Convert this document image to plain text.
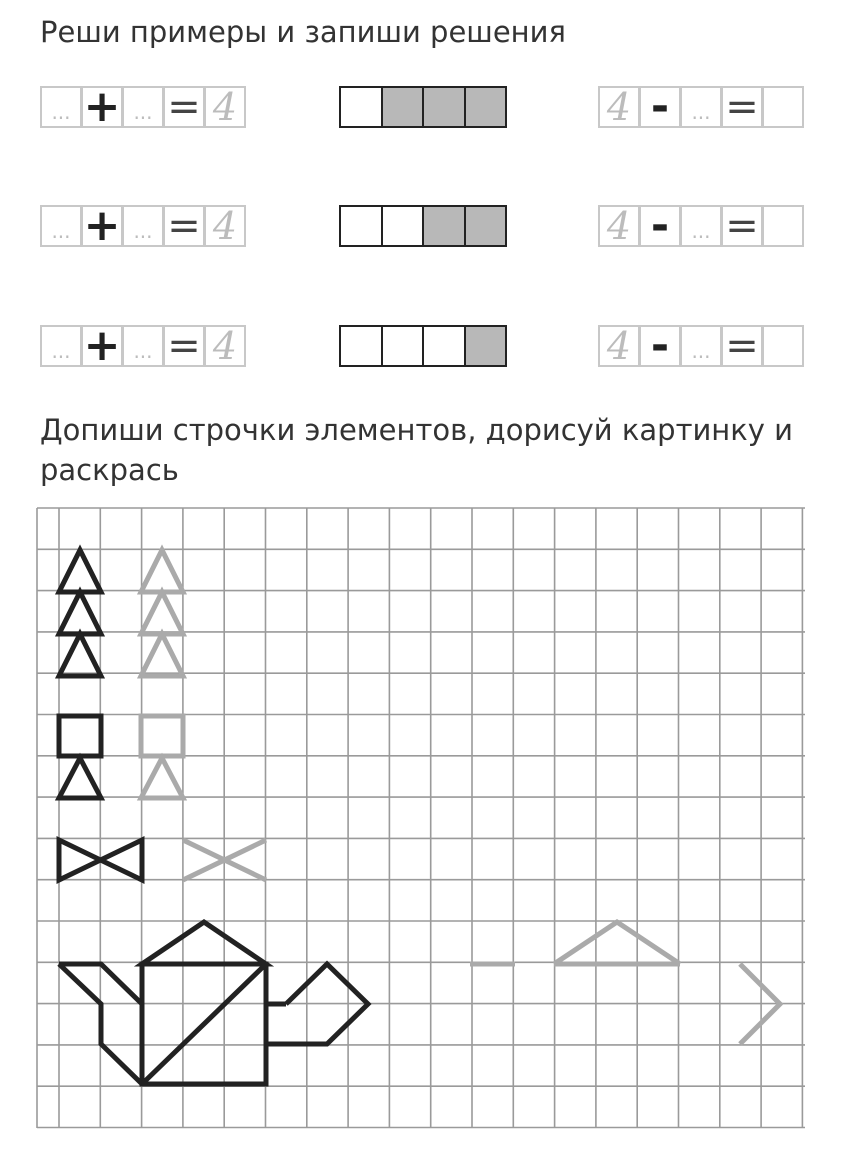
Реши примеры и запиши решения
... + ... = 4	4 -	... =
... + ... = 4	4 -	... =
... + ... = 4	4 -	... =
Допиши строчки элементов, дорисуй картинку и раскрась
